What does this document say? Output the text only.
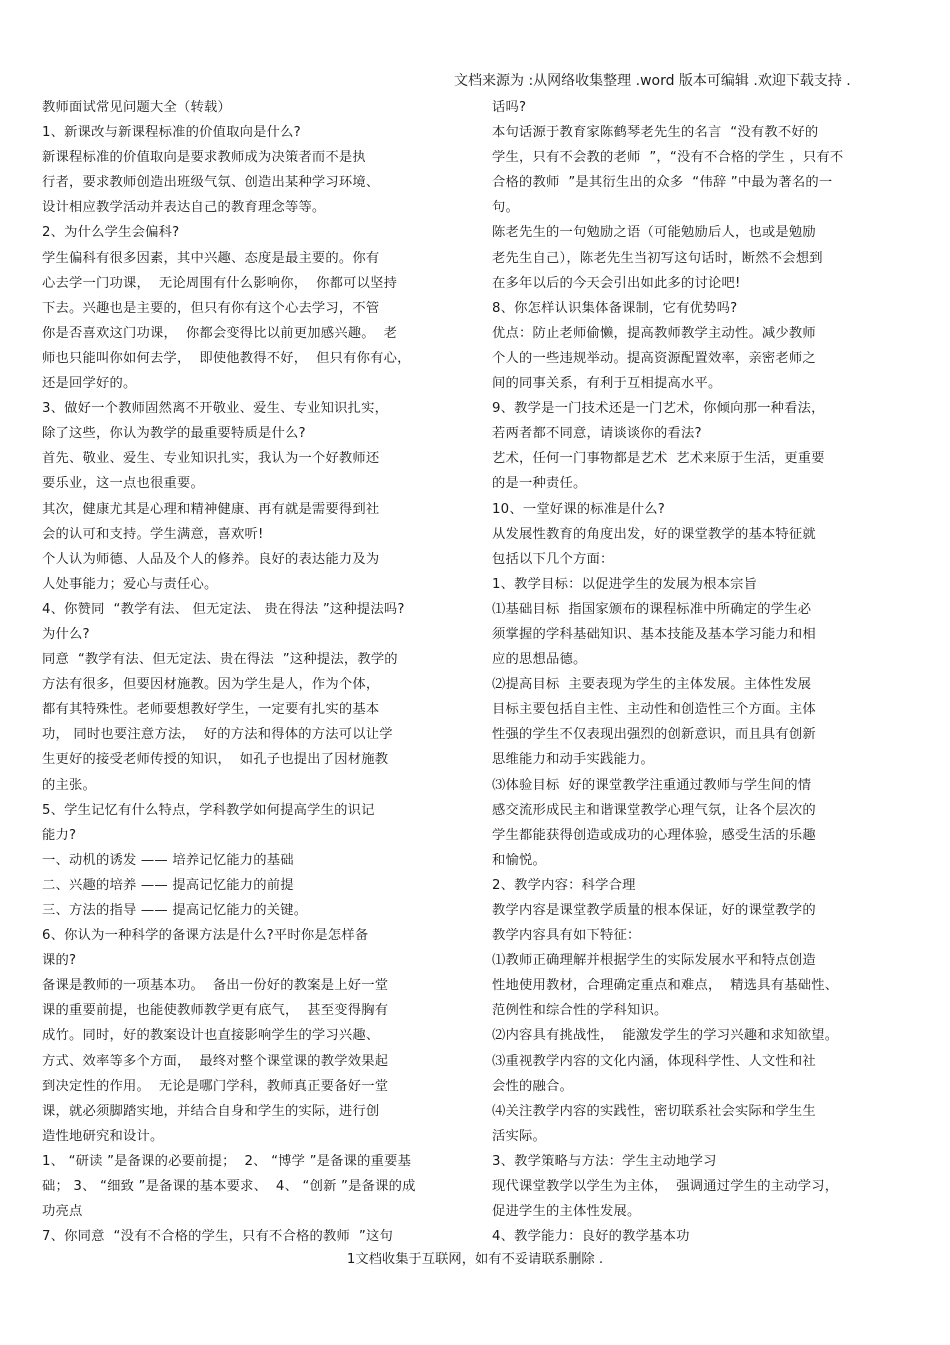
文档来源为 :从网络收集整理 .word 版本可编辑 .欢迎下载支持 .

教师面试常见问题大全（转载）

1、新课改与新课程标准的价值取向是什么?

新课程标准的价值取向是要求教师成为决策者而不是执

行者，要求教师创造出班级气氛、创造出某种学习环境、

设计相应教学活动并表达自己的教育理念等等。

2、为什么学生会偏科?

学生偏科有很多因素，其中兴趣、态度是最主要的。你有

心去学一门功课，  无论周围有什么影响你，  你都可以坚持

下去。兴趣也是主要的，但只有你有这个心去学习，不管

你是否喜欢这门功课，  你都会变得比以前更加感兴趣。  老

师也只能叫你如何去学，  即使他教得不好，  但只有你有心，

还是回学好的。

3、做好一个教师固然离不开敬业、爱生、专业知识扎实，

除了这些，你认为教学的最重要特质是什么?

首先、敬业、爱生、专业知识扎实，我认为一个好教师还

要乐业，这一点也很重要。

其次，健康尤其是心理和精神健康、再有就是需要得到社

会的认可和支持。学生满意，喜欢听!

个人认为师德、人品及个人的修养。良好的表达能力及为

人处事能力；爱心与责任心。

4、你赞同  “教学有法、 但无定法、 贵在得法 ”这种提法吗?

为什么?

同意  “教学有法、但无定法、贵在得法  ”这种提法，教学的

方法有很多，但要因材施教。因为学生是人，作为个体，

都有其特殊性。老师要想教好学生，一定要有扎实的基本

功， 同时也要注意方法，  好的方法和得体的方法可以让学

生更好的接受老师传授的知识，  如孔子也提出了因材施教

的主张。

5、学生记忆有什么特点，学科教学如何提高学生的识记

能力?

一、动机的诱发 —— 培养记忆能力的基础

二、兴趣的培养 —— 提高记忆能力的前提

三、方法的指导 —— 提高记忆能力的关键。

6、你认为一种科学的备课方法是什么?平时你是怎样备

课的?

备课是教师的一项基本功。  备出一份好的教案是上好一堂

课的重要前提，也能使教师教学更有底气，  甚至变得胸有

成竹。同时，好的教案设计也直接影响学生的学习兴趣、

方式、效率等多个方面，  最终对整个课堂课的教学效果起

到决定性的作用。  无论是哪门学科，教师真正要备好一堂

课，就必须脚踏实地，并结合自身和学生的实际，进行创

造性地研究和设计。

1、 “研读 ”是备课的必要前提；  2、 “博学 ”是备课的重要基

础； 3、 “细致 ”是备课的基本要求、  4、 “创新 ”是备课的成

功亮点

7、你同意  “没有不合格的学生，只有不合格的教师  ”这句

话吗?

本句话源于教育家陈鹤琴老先生的名言  “没有教不好的

学生，只有不会教的老师  ”，“没有不合格的学生 ，只有不

合格的教师  ”是其衍生出的众多  “伟辞 ”中最为著名的一

句。

陈老先生的一句勉励之语（可能勉励后人，也或是勉励

老先生自己），陈老先生当初写这句话时，断然不会想到

在多年以后的今天会引出如此多的讨论吧!

8、你怎样认识集体备课制，它有优势吗?

优点：防止老师偷懒，提高教师教学主动性。减少教师

个人的一些违规举动。提高资源配置效率，亲密老师之

间的同事关系，有利于互相提高水平。

9、教学是一门技术还是一门艺术，你倾向那一种看法，

若两者都不同意，请谈谈你的看法?

艺术，任何一门事物都是艺术  艺术来原于生活，更重要

的是一种责任。

10、一堂好课的标准是什么?

从发展性教育的角度出发，好的课堂教学的基本特征就

包括以下几个方面：

1、教学目标：以促进学生的发展为根本宗旨

⑴基础目标  指国家颁布的课程标准中所确定的学生必

须掌握的学科基础知识、基本技能及基本学习能力和相

应的思想品德。

⑵提高目标  主要表现为学生的主体发展。主体性发展

目标主要包括自主性、主动性和创造性三个方面。主体

性强的学生不仅表现出强烈的创新意识，而且具有创新

思维能力和动手实践能力。

⑶体验目标  好的课堂教学注重通过教师与学生间的情

感交流形成民主和谐课堂教学心理气氛，让各个层次的

学生都能获得创造或成功的心理体验，感受生活的乐趣

和愉悦。

2、教学内容：科学合理

教学内容是课堂教学质量的根本保证，好的课堂教学的

教学内容具有如下特征：

⑴教师正确理解并根据学生的实际发展水平和特点创造

性地使用教材，合理确定重点和难点，  精选具有基础性、

范例性和综合性的学科知识。

⑵内容具有挑战性，  能激发学生的学习兴趣和求知欲望。

⑶重视教学内容的文化内涵，体现科学性、人文性和社

会性的融合。

⑷关注教学内容的实践性，密切联系社会实际和学生生

活实际。

3、教学策略与方法：学生主动地学习

现代课堂教学以学生为主体，  强调通过学生的主动学习，

促进学生的主体性发展。

4、教学能力：良好的教学基本功

1文档收集于互联网，如有不妥请联系删除 .
